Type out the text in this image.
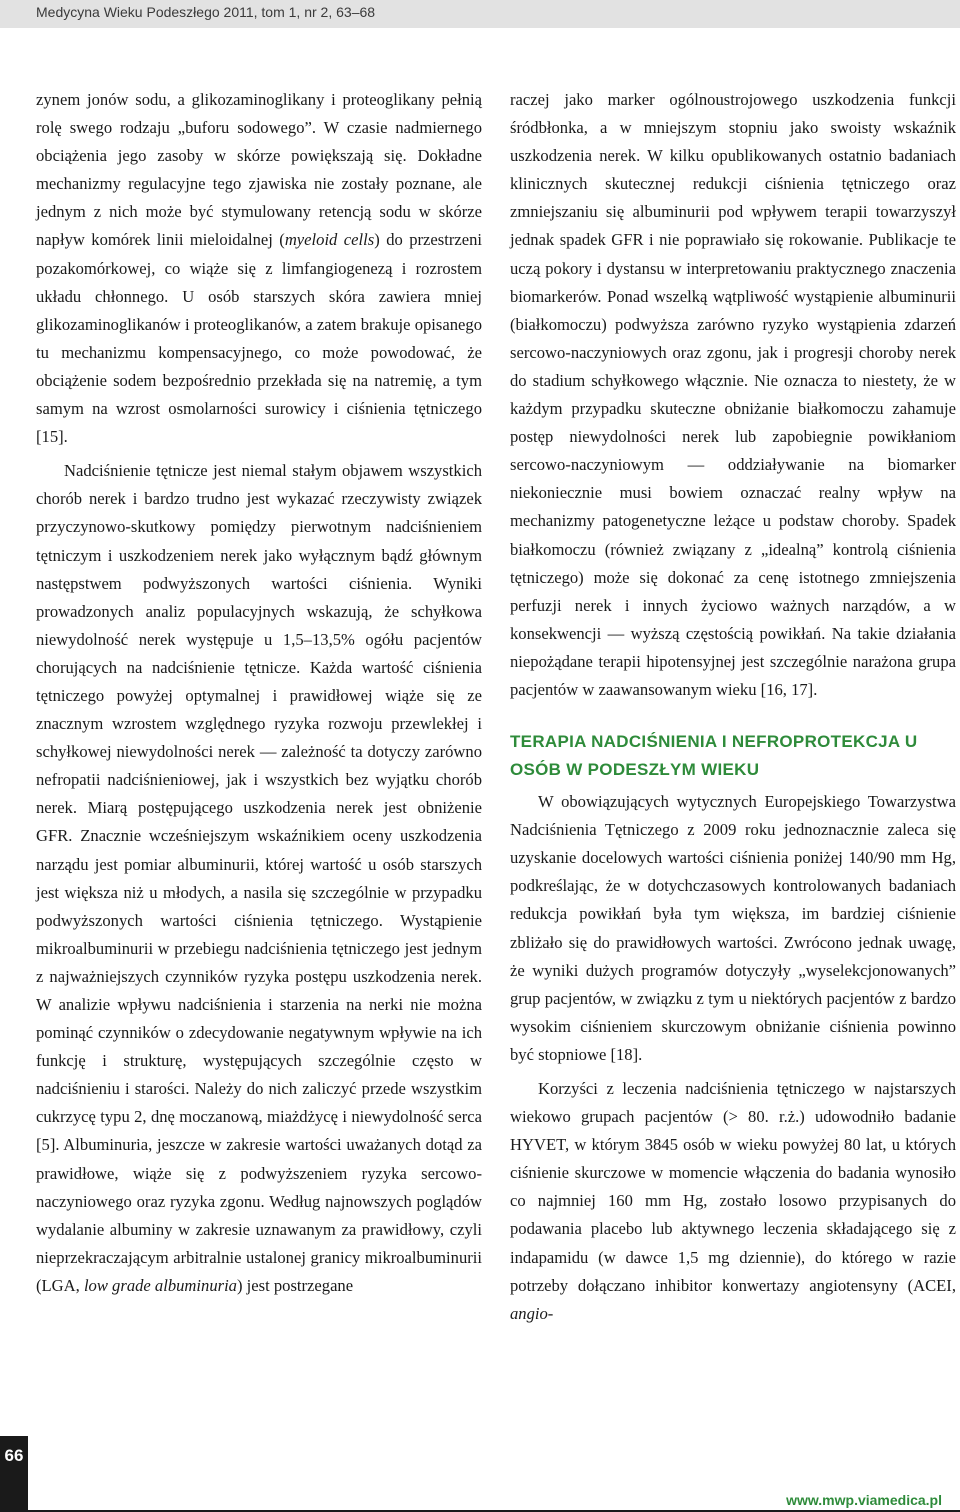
Medycyna Wieku Podeszłego 2011, tom 1, nr 2, 63–68

zynem jonów sodu, a glikozaminoglikany i proteoglikany pełnią rolę swego rodzaju „buforu sodowego”. W czasie nadmiernego obciążenia jego zasoby w skórze powiększają się. Dokładne mechanizmy regulacyjne tego zjawiska nie zostały poznane, ale jednym z nich może być stymulowany retencją sodu w skórze napływ komórek linii mieloidalnej (myeloid cells) do przestrzeni pozakomórkowej, co wiąże się z limfangiogenezą i rozrostem układu chłonnego. U osób starszych skóra zawiera mniej glikozaminoglikanów i proteoglikanów, a zatem brakuje opisanego tu mechanizmu kompensacyjnego, co może powodować, że obciążenie sodem bezpośrednio przekłada się na natremię, a tym samym na wzrost osmolarności surowicy i ciśnienia tętniczego [15].

Nadciśnienie tętnicze jest niemal stałym objawem wszystkich chorób nerek i bardzo trudno jest wykazać rzeczywisty związek przyczynowo-skutkowy pomiędzy pierwotnym nadciśnieniem tętniczym i uszkodzeniem nerek jako wyłącznym bądź głównym następstwem podwyższonych wartości ciśnienia. Wyniki prowadzonych analiz populacyjnych wskazują, że schyłkowa niewydolność nerek występuje u 1,5–13,5% ogółu pacjentów chorujących na nadciśnienie tętnicze. Każda wartość ciśnienia tętniczego powyżej optymalnej i prawidłowej wiąże się ze znacznym wzrostem względnego ryzyka rozwoju przewlekłej i schyłkowej niewydolności nerek — zależność ta dotyczy zarówno nefropatii nadciśnieniowej, jak i wszystkich bez wyjątku chorób nerek. Miarą postępującego uszkodzenia nerek jest obniżenie GFR. Znacznie wcześniejszym wskaźnikiem oceny uszkodzenia narządu jest pomiar albuminurii, której wartość u osób starszych jest większa niż u młodych, a nasila się szczególnie w przypadku podwyższonych wartości ciśnienia tętniczego. Wystąpienie mikroalbuminurii w przebiegu nadciśnienia tętniczego jest jednym z najważniejszych czynników ryzyka postępu uszkodzenia nerek. W analizie wpływu nadciśnienia i starzenia na nerki nie można pominąć czynników o zdecydowanie negatywnym wpływie na ich funkcję i strukturę, występujących szczególnie często w nadciśnieniu i starości. Należy do nich zaliczyć przede wszystkim cukrzycę typu 2, dnę moczanową, miażdżycę i niewydolność serca [5]. Albuminuria, jeszcze w zakresie wartości uważanych dotąd za prawidłowe, wiąże się z podwyższeniem ryzyka sercowo-naczyniowego oraz ryzyka zgonu. Według najnowszych poglądów wydalanie albuminy w zakresie uznawanym za prawidłowy, czyli nieprzekraczającym arbitralnie ustalonej granicy mikroalbuminurii (LGA, low grade albuminuria) jest postrzegane

raczej jako marker ogólnoustrojowego uszkodzenia funkcji śródbłonka, a w mniejszym stopniu jako swoisty wskaźnik uszkodzenia nerek. W kilku opublikowanych ostatnio badaniach klinicznych skutecznej redukcji ciśnienia tętniczego oraz zmniejszaniu się albuminurii pod wpływem terapii towarzyszył jednak spadek GFR i nie poprawiało się rokowanie. Publikacje te uczą pokory i dystansu w interpretowaniu praktycznego znaczenia biomarkerów. Ponad wszelką wątpliwość wystąpienie albuminurii (białkomoczu) podwyższa zarówno ryzyko wystąpienia zdarzeń sercowo-naczyniowych oraz zgonu, jak i progresji choroby nerek do stadium schyłkowego włącznie. Nie oznacza to niestety, że w każdym przypadku skuteczne obniżanie białkomoczu zahamuje postęp niewydolności nerek lub zapobiegnie powikłaniom sercowo-naczyniowym — oddziaływanie na biomarker niekoniecznie musi bowiem oznaczać realny wpływ na mechanizmy patogenetyczne leżące u podstaw choroby. Spadek białkomoczu (również związany z „idealną” kontrolą ciśnienia tętniczego) może się dokonać za cenę istotnego zmniejszenia perfuzji nerek i innych życiowo ważnych narządów, a w konsekwencji — wyższą częstością powikłań. Na takie działania niepożądane terapii hipotensyjnej jest szczególnie narażona grupa pacjentów w zaawansowanym wieku [16, 17].

TERAPIA NADCIŚNIENIA I NEFROPROTEKCJA U OSÓB W PODESZŁYM WIEKU

W obowiązujących wytycznych Europejskiego Towarzystwa Nadciśnienia Tętniczego z 2009 roku jednoznacznie zaleca się uzyskanie docelowych wartości ciśnienia poniżej 140/90 mm Hg, podkreślając, że w dotychczasowych kontrolowanych badaniach redukcja powikłań była tym większa, im bardziej ciśnienie zbliżało się do prawidłowych wartości. Zwrócono jednak uwagę, że wyniki dużych programów dotyczyły „wyselekcjonowanych” grup pacjentów, w związku z tym u niektórych pacjentów z bardzo wysokim ciśnieniem skurczowym obniżanie ciśnienia powinno być stopniowe [18].

Korzyści z leczenia nadciśnienia tętniczego w najstarszych wiekowo grupach pacjentów (> 80. r.ż.) udowodniło badanie HYVET, w którym 3845 osób w wieku powyżej 80 lat, u których ciśnienie skurczowe w momencie włączenia do badania wynosiło co najmniej 160 mm Hg, zostało losowo przypisanych do podawania placebo lub aktywnego leczenia składającego się z indapamidu (w dawce 1,5 mg dziennie), do którego w razie potrzeby dołączano inhibitor konwertazy angiotensyny (ACEI, angio-

66
www.mwp.viamedica.pl
